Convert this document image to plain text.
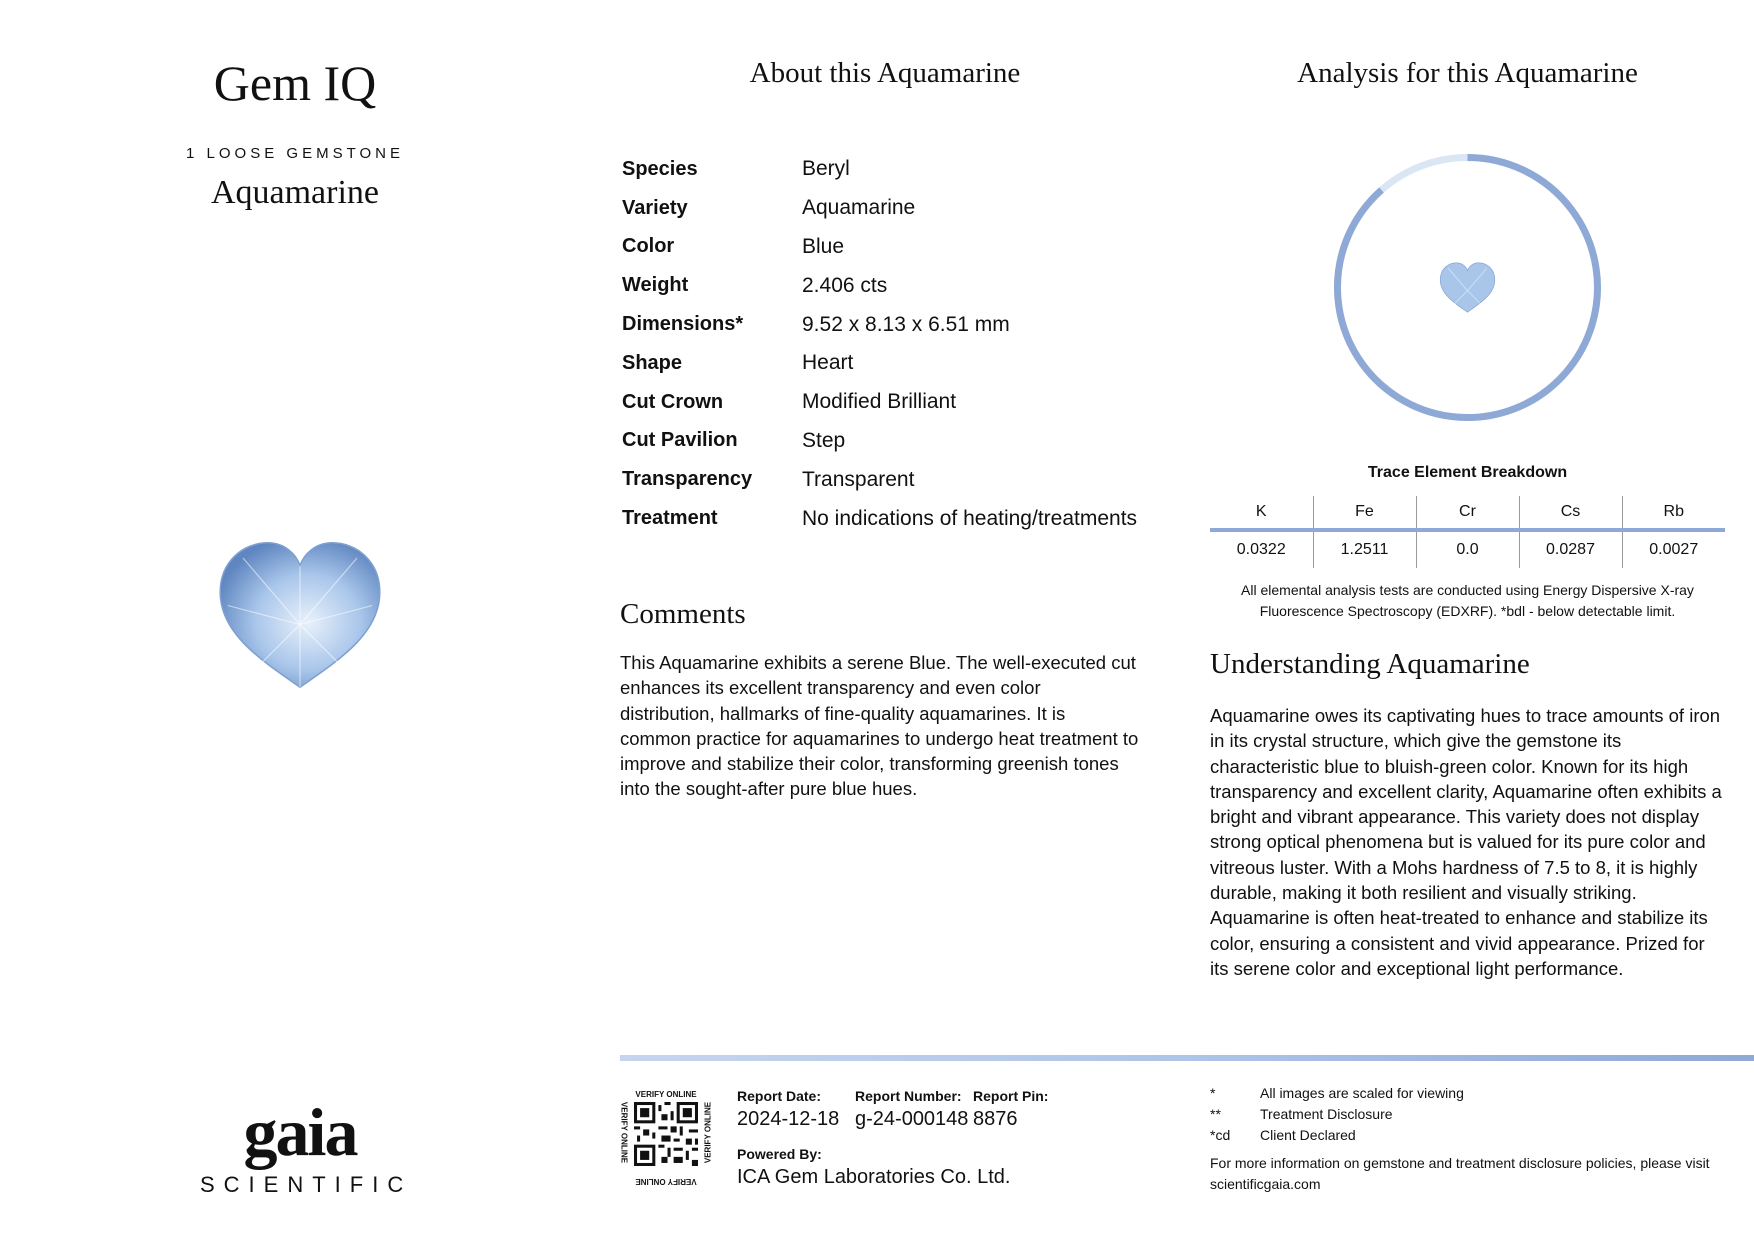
Gem IQ
1 LOOSE GEMSTONE
Aquamarine
gaia
SCIENTIFIC
About this Aquamarine
Species	Beryl
Variety	Aquamarine
Color	Blue
Weight	2.406 cts
Dimensions*	9.52 x 8.13 x 6.51 mm
Shape	Heart
Cut Crown	Modified Brilliant
Cut Pavilion	Step
Transparency	Transparent
Treatment	No indications of heating/treatments
Comments
This Aquamarine exhibits a serene Blue. The well-executed cut enhances its excellent transparency and even color distribution, hallmarks of fine-quality aquamarines. It is common practice for aquamarines to undergo heat treatment to improve and stabilize their color, transforming greenish tones into the sought-after pure blue hues.
Analysis for this Aquamarine
Trace Element Breakdown
K	Fe	Cr	Cs	Rb
0.0322	1.2511	0.0	0.0287	0.0027
All elemental analysis tests are conducted using Energy Dispersive X-ray Fluorescence Spectroscopy (EDXRF). *bdl - below detectable limit.
Understanding Aquamarine
Aquamarine owes its captivating hues to trace amounts of iron in its crystal structure, which give the gemstone its characteristic blue to bluish-green color. Known for its high transparency and excellent clarity, Aquamarine often exhibits a bright and vibrant appearance. This variety does not display strong optical phenomena but is valued for its pure color and vitreous luster. With a Mohs hardness of 7.5 to 8, it is highly durable, making it both resilient and visually striking. Aquamarine is often heat-treated to enhance and stabilize its color, ensuring a consistent and vivid appearance. Prized for its serene color and exceptional light performance.
VERIFY ONLINE
VERIFY ONLINE	VERIFY ONLINE
VERIFY ONLINE
Report Date:
2024-12-18
Report Number:
g-24-000148
Report Pin:
8876
Powered By:
ICA Gem Laboratories Co. Ltd.
*	All images are scaled for viewing
**	Treatment Disclosure
*cd	Client Declared
For more information on gemstone and treatment disclosure policies, please visit scientificgaia.com
